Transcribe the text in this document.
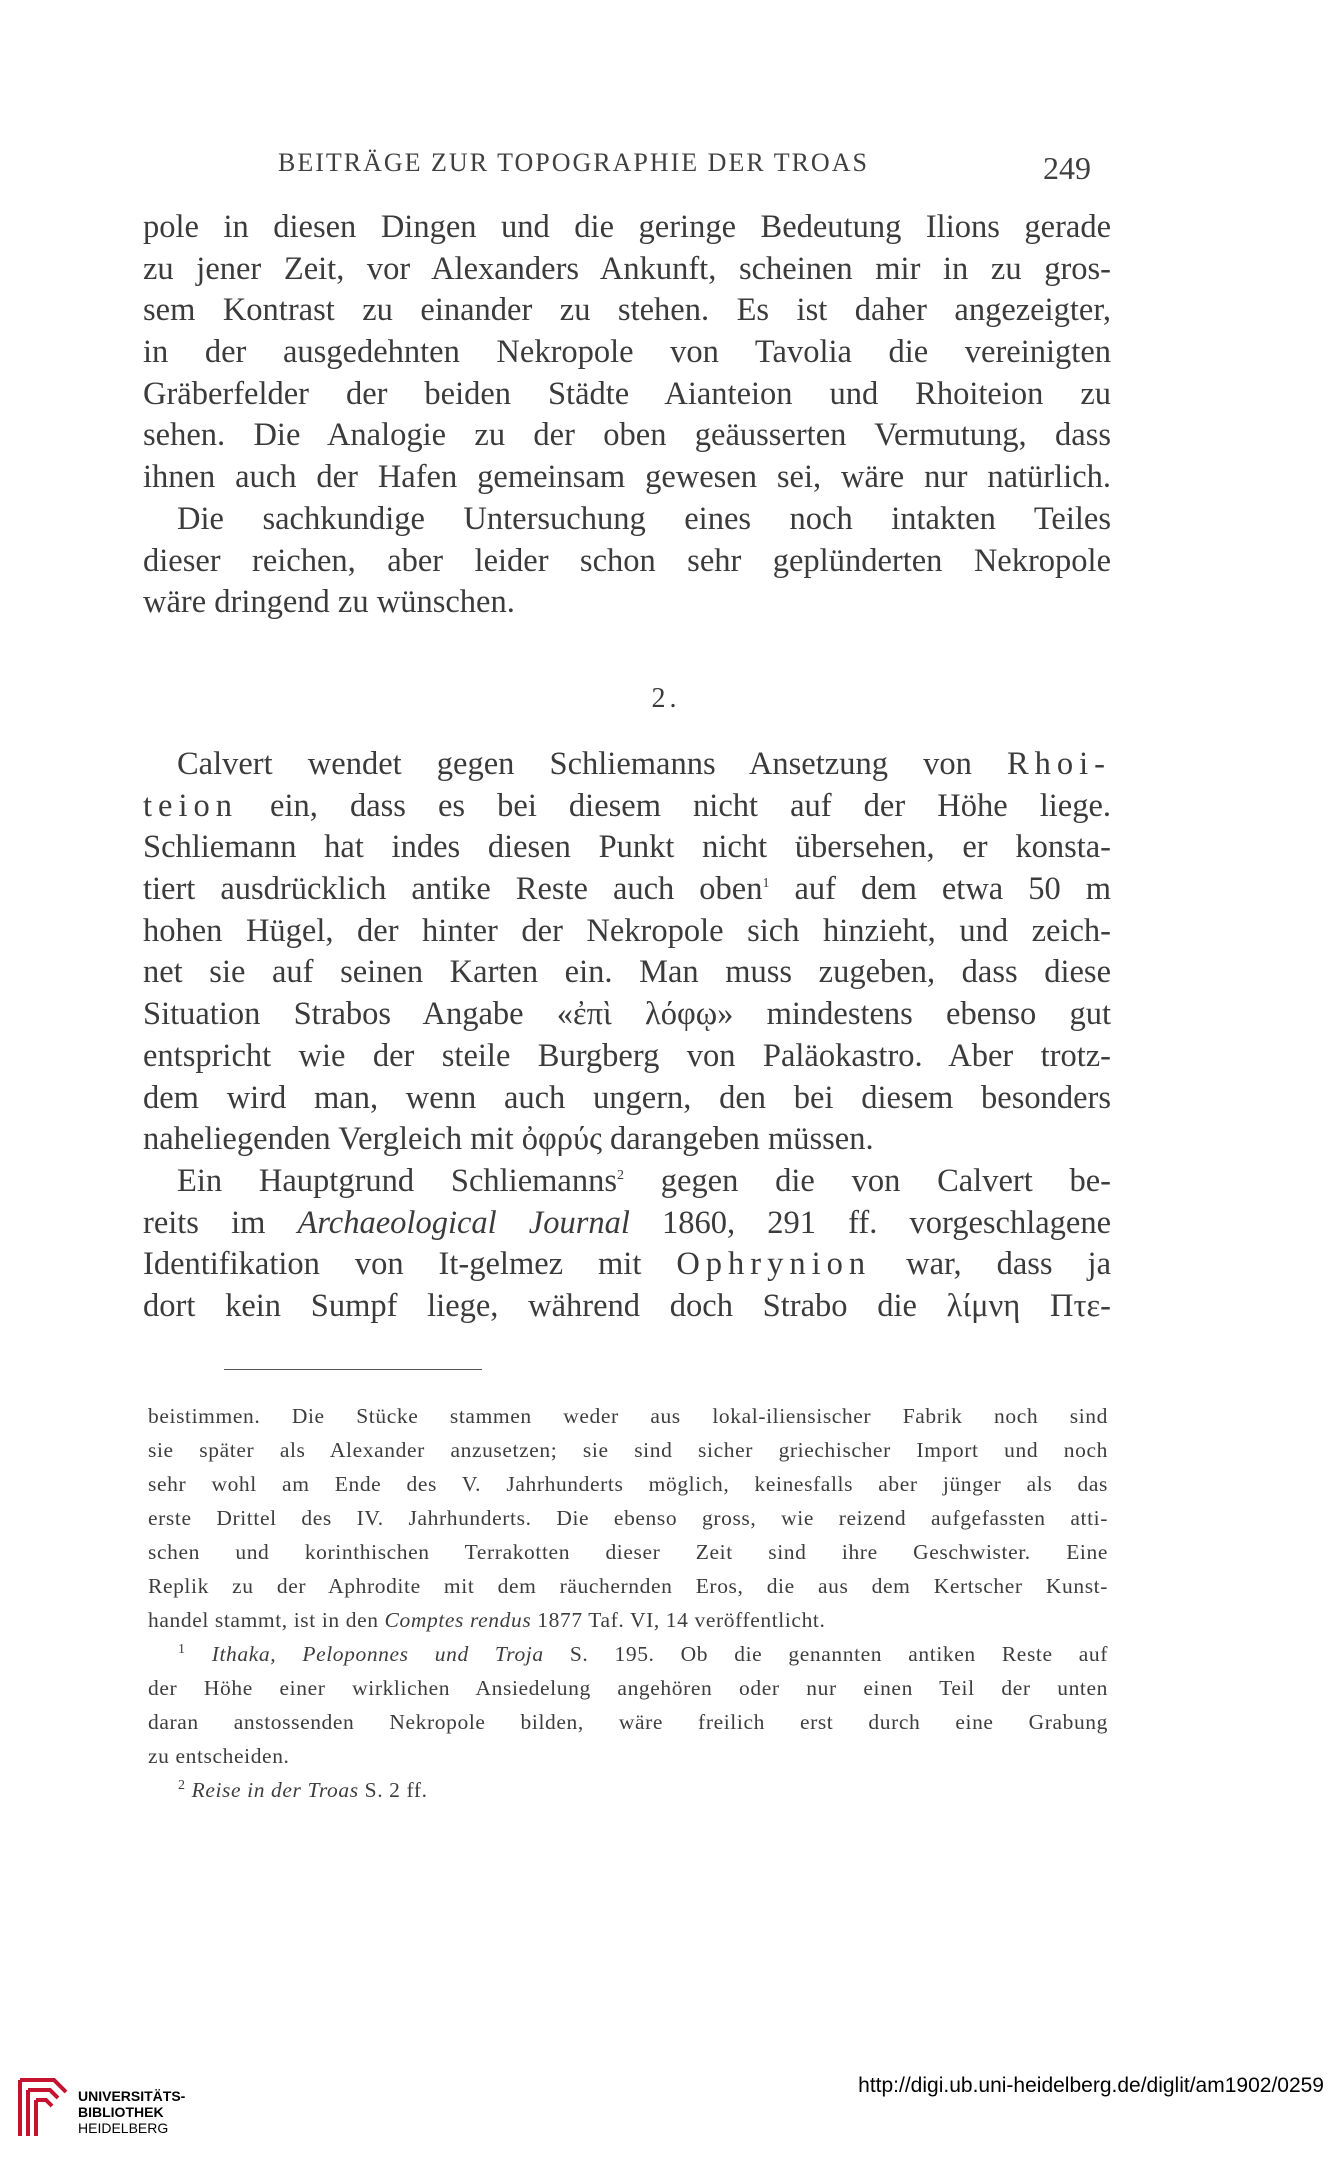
BEITRÄGE ZUR TOPOGRAPHIE DER TROAS	249
pole in diesen Dingen und die geringe Bedeutung Ilions gerade
zu jener Zeit, vor Alexanders Ankunft, scheinen mir in zu gros-
sem Kontrast zu einander zu stehen. Es ist daher angezeigter,
in der ausgedehnten Nekropole von Tavolia die vereinigten
Gräberfelder der beiden Städte Aianteion und Rhoiteion zu
sehen. Die Analogie zu der oben geäusserten Vermutung, dass
ihnen auch der Hafen gemeinsam gewesen sei, wäre nur natürlich.
Die sachkundige Untersuchung eines noch intakten Teiles
dieser reichen, aber leider schon sehr geplünderten Nekropole
wäre dringend zu wünschen.
2.
Calvert wendet gegen Schliemanns Ansetzung von Rhoi-
teion ein, dass es bei diesem nicht auf der Höhe liege.
Schliemann hat indes diesen Punkt nicht übersehen, er konsta-
tiert ausdrücklich antike Reste auch oben$^1$ auf dem etwa 50 m
hohen Hügel, der hinter der Nekropole sich hinzieht, und zeich-
net sie auf seinen Karten ein. Man muss zugeben, dass diese
Situation Strabos Angabe «ἐπὶ λόφῳ» mindestens ebenso gut
entspricht wie der steile Burgberg von Paläokastro. Aber trotz-
dem wird man, wenn auch ungern, den bei diesem besonders
naheliegenden Vergleich mit ὀφρύς darangeben müssen.
Ein Hauptgrund Schliemanns$^2$ gegen die von Calvert be-
reits im Archaeological Journal 1860, 291 ff. vorgeschlagene
Identifikation von It-gelmez mit Ophrynion war, dass ja
dort kein Sumpf liege, während doch Strabo die λίμνη Πτε-
beistimmen. Die Stücke stammen weder aus lokal-iliensischer Fabrik noch sind
sie später als Alexander anzusetzen; sie sind sicher griechischer Import und noch
sehr wohl am Ende des V. Jahrhunderts möglich, keinesfalls aber jünger als das
erste Drittel des IV. Jahrhunderts. Die ebenso gross, wie reizend aufgefassten atti-
schen und korinthischen Terrakotten dieser Zeit sind ihre Geschwister. Eine
Replik zu der Aphrodite mit dem räuchernden Eros, die aus dem Kertscher Kunst-
handel stammt, ist in den Comptes rendus 1877 Taf. VI, 14 veröffentlicht.
$^1$ Ithaka, Peloponnes und Troja S. 195. Ob die genannten antiken Reste auf
der Höhe einer wirklichen Ansiedelung angehören oder nur einen Teil der unten
daran anstossenden Nekropole bilden, wäre freilich erst durch eine Grabung
zu entscheiden.
$^2$ Reise in der Troas S. 2 ff.
UNIVERSITÄTS-
BIBLIOTHEK
HEIDELBERG
http://digi.ub.uni-heidelberg.de/diglit/am1902/0259
